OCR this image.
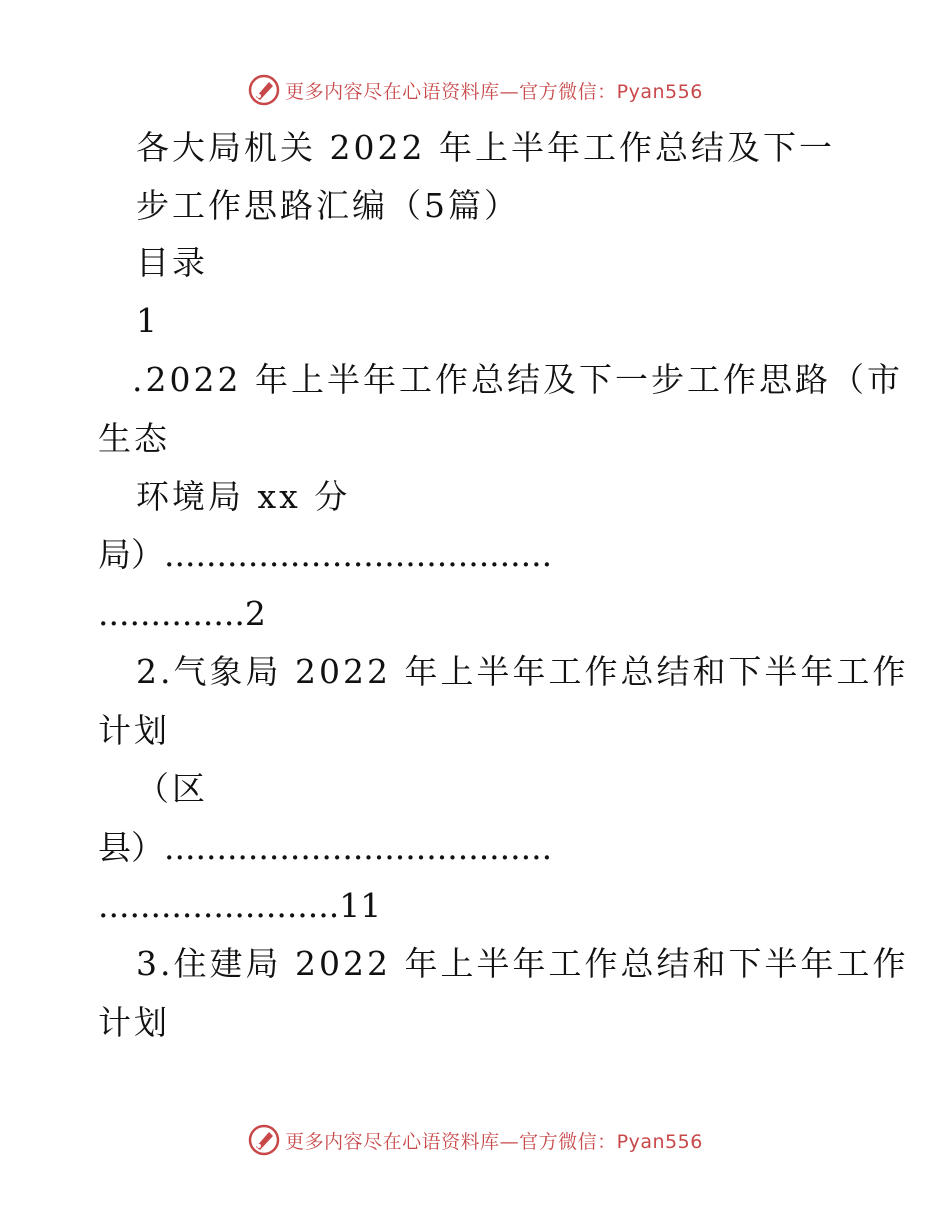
更多内容尽在心语资料库—官方微信：Pyan556
各大局机关 2022 年上半年工作总结及下一
步工作思路汇编（5篇）
目录
1
.2022 年上半年工作总结及下一步工作思路（市
生态
环境局 xx 分
局）.....................................
..............2
2.气象局 2022 年上半年工作总结和下半年工作
计划
（区
县）.....................................
.......................11
3.住建局 2022 年上半年工作总结和下半年工作
计划
更多内容尽在心语资料库—官方微信：Pyan556
